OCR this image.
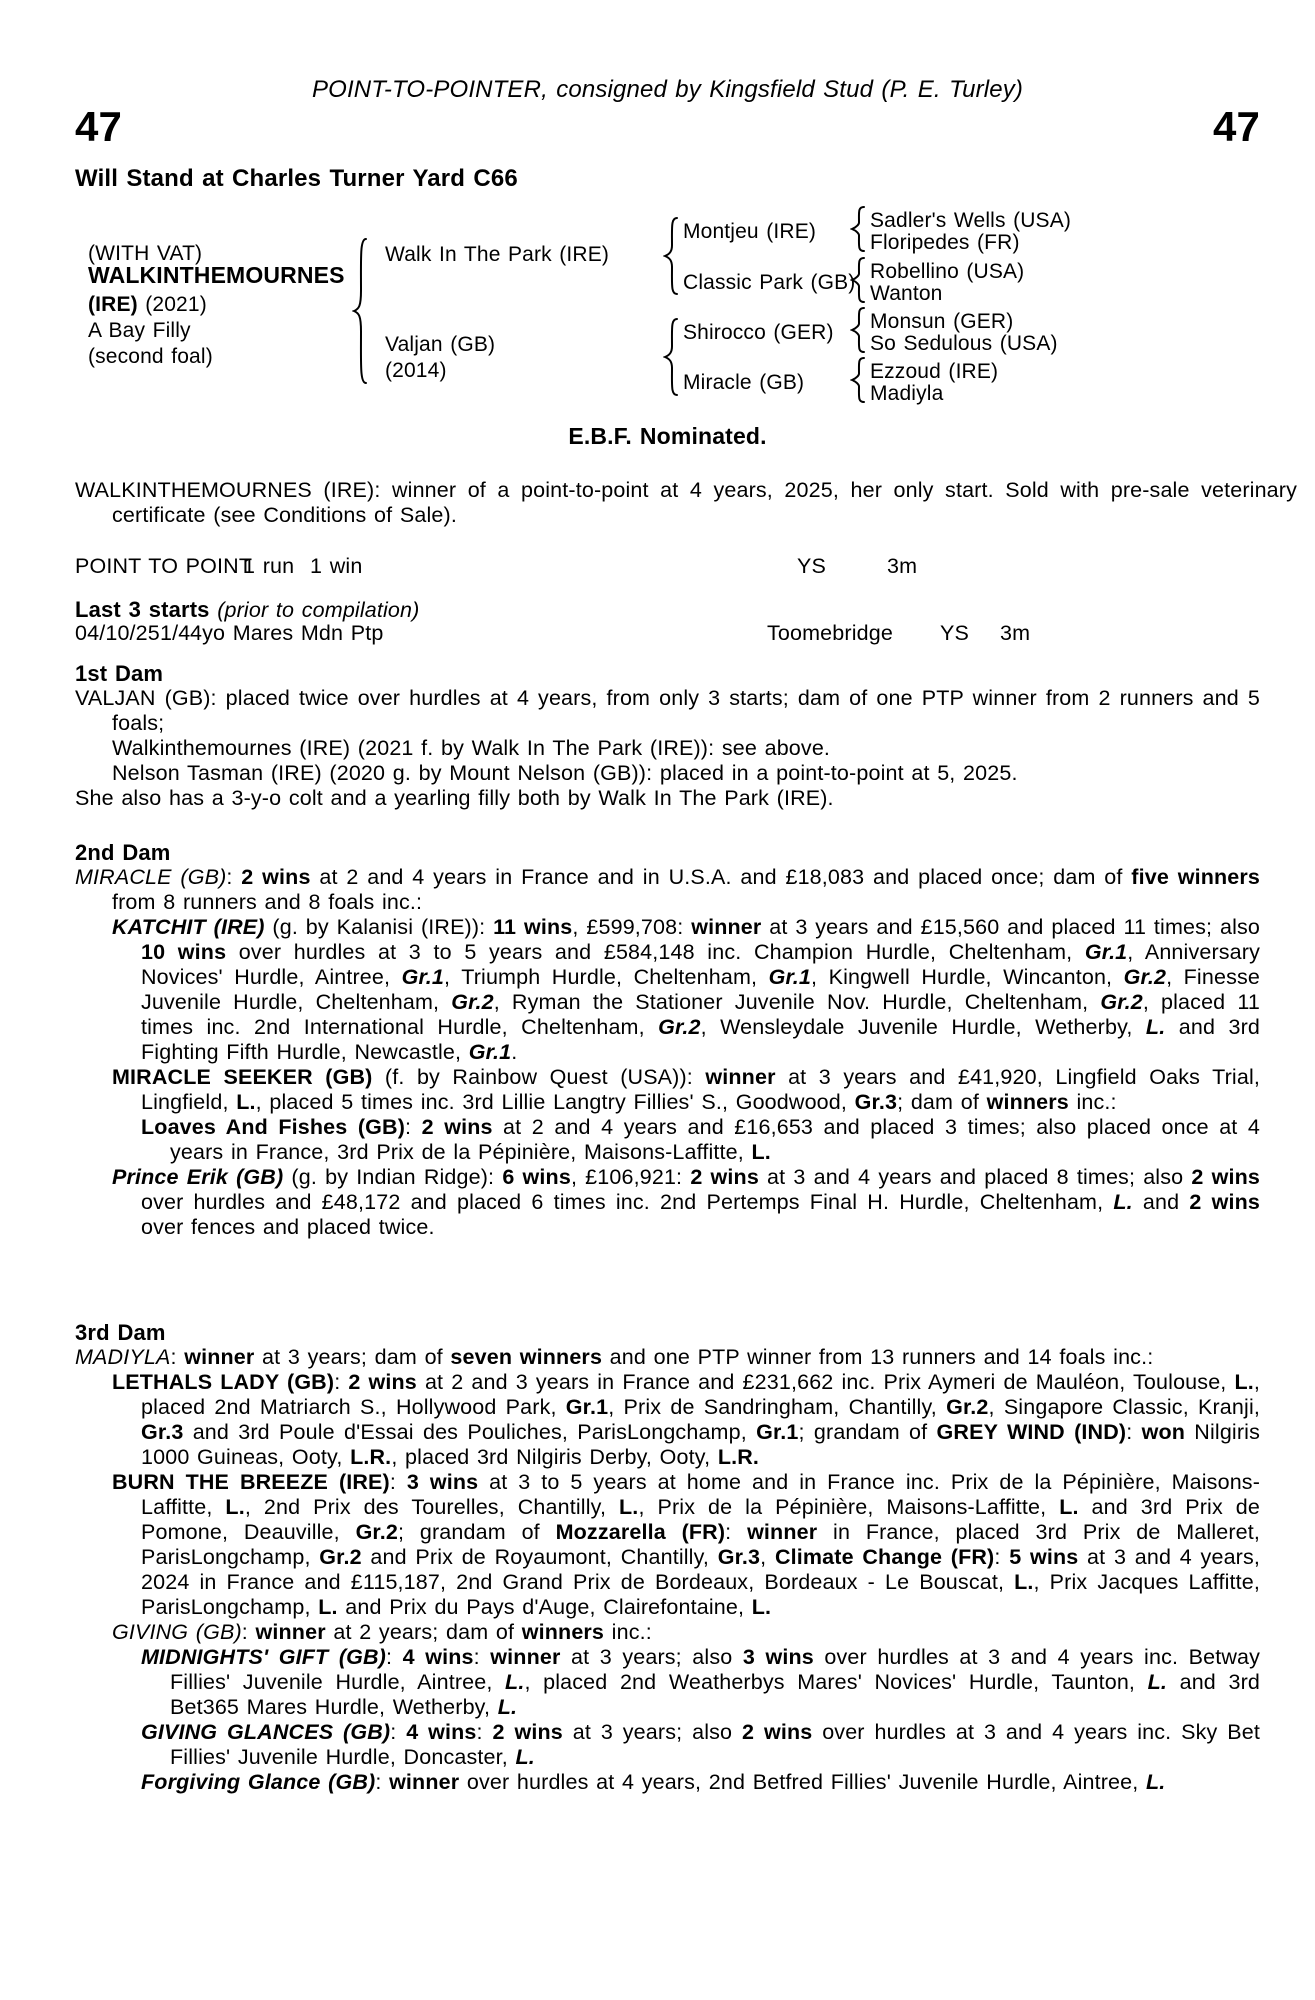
POINT-TO-POINTER, consigned by Kingsfield Stud (P. E. Turley)
47	47
Will Stand at Charles Turner Yard C66
(WITH VAT)
WALKINTHEMOURNES
(IRE) (2021)
A Bay Filly
(second foal)
Walk In The Park (IRE)
Valjan (GB)
(2014)
Montjeu (IRE)
Classic Park (GB)
Shirocco (GER)
Miracle (GB)
Sadler's Wells (USA)
Floripedes (FR)
Robellino (USA)
Wanton
Monsun (GER)
So Sedulous (USA)
Ezzoud (IRE)
Madiyla
E.B.F. Nominated.

WALKINTHEMOURNES (IRE): winner of a point-to-point at 4 years, 2025, her only start. Sold with pre-sale veterinary certificate (see Conditions of Sale).

POINT TO POINT
1 run 1 win	YS	3m
Last 3 starts (prior to compilation)
04/10/25 1/4 4yo Mares Mdn Ptp	Toomebridge YS 3m
1st Dam

VALJAN (GB): placed twice over hurdles at 4 years, from only 3 starts; dam of one PTP winner from 2 runners and 5 foals;

Walkinthemournes (IRE) (2021 f. by Walk In The Park (IRE)): see above.

Nelson Tasman (IRE) (2020 g. by Mount Nelson (GB)): placed in a point-to-point at 5, 2025.

She also has a 3-y-o colt and a yearling filly both by Walk In The Park (IRE).

2nd Dam

MIRACLE (GB): 2 wins at 2 and 4 years in France and in U.S.A. and £18,083 and placed once; dam of five winners from 8 runners and 8 foals inc.:

KATCHIT (IRE) (g. by Kalanisi (IRE)): 11 wins, £599,708: winner at 3 years and £15,560 and placed 11 times; also 10 wins over hurdles at 3 to 5 years and £584,148 inc. Champion Hurdle, Cheltenham, Gr.1, Anniversary Novices' Hurdle, Aintree, Gr.1, Triumph Hurdle, Cheltenham, Gr.1, Kingwell Hurdle, Wincanton, Gr.2, Finesse Juvenile Hurdle, Cheltenham, Gr.2, Ryman the Stationer Juvenile Nov. Hurdle, Cheltenham, Gr.2, placed 11 times inc. 2nd International Hurdle, Cheltenham, Gr.2, Wensleydale Juvenile Hurdle, Wetherby, L. and 3rd Fighting Fifth Hurdle, Newcastle, Gr.1.

MIRACLE SEEKER (GB) (f. by Rainbow Quest (USA)): winner at 3 years and £41,920, Lingfield Oaks Trial, Lingfield, L., placed 5 times inc. 3rd Lillie Langtry Fillies' S., Goodwood, Gr.3; dam of winners inc.:

Loaves And Fishes (GB): 2 wins at 2 and 4 years and £16,653 and placed 3 times; also placed once at 4 years in France, 3rd Prix de la Pépinière, Maisons-Laffitte, L.

Prince Erik (GB) (g. by Indian Ridge): 6 wins, £106,921: 2 wins at 3 and 4 years and placed 8 times; also 2 wins over hurdles and £48,172 and placed 6 times inc. 2nd Pertemps Final H. Hurdle, Cheltenham, L. and 2 wins over fences and placed twice.

3rd Dam

MADIYLA: winner at 3 years; dam of seven winners and one PTP winner from 13 runners and 14 foals inc.:

LETHALS LADY (GB): 2 wins at 2 and 3 years in France and £231,662 inc. Prix Aymeri de Mauléon, Toulouse, L., placed 2nd Matriarch S., Hollywood Park, Gr.1, Prix de Sandringham, Chantilly, Gr.2, Singapore Classic, Kranji, Gr.3 and 3rd Poule d'Essai des Pouliches, ParisLongchamp, Gr.1; grandam of GREY WIND (IND): won Nilgiris 1000 Guineas, Ooty, L.R., placed 3rd Nilgiris Derby, Ooty, L.R.

BURN THE BREEZE (IRE): 3 wins at 3 to 5 years at home and in France inc. Prix de la Pépinière, Maisons-Laffitte, L., 2nd Prix des Tourelles, Chantilly, L., Prix de la Pépinière, Maisons-Laffitte, L. and 3rd Prix de Pomone, Deauville, Gr.2; grandam of Mozzarella (FR): winner in France, placed 3rd Prix de Malleret, ParisLongchamp, Gr.2 and Prix de Royaumont, Chantilly, Gr.3, Climate Change (FR): 5 wins at 3 and 4 years, 2024 in France and £115,187, 2nd Grand Prix de Bordeaux, Bordeaux - Le Bouscat, L., Prix Jacques Laffitte, ParisLongchamp, L. and Prix du Pays d'Auge, Clairefontaine, L.

GIVING (GB): winner at 2 years; dam of winners inc.:

MIDNIGHTS' GIFT (GB): 4 wins: winner at 3 years; also 3 wins over hurdles at 3 and 4 years inc. Betway Fillies' Juvenile Hurdle, Aintree, L., placed 2nd Weatherbys Mares' Novices' Hurdle, Taunton, L. and 3rd Bet365 Mares Hurdle, Wetherby, L.

GIVING GLANCES (GB): 4 wins: 2 wins at 3 years; also 2 wins over hurdles at 3 and 4 years inc. Sky Bet Fillies' Juvenile Hurdle, Doncaster, L.

Forgiving Glance (GB): winner over hurdles at 4 years, 2nd Betfred Fillies' Juvenile Hurdle, Aintree, L.
